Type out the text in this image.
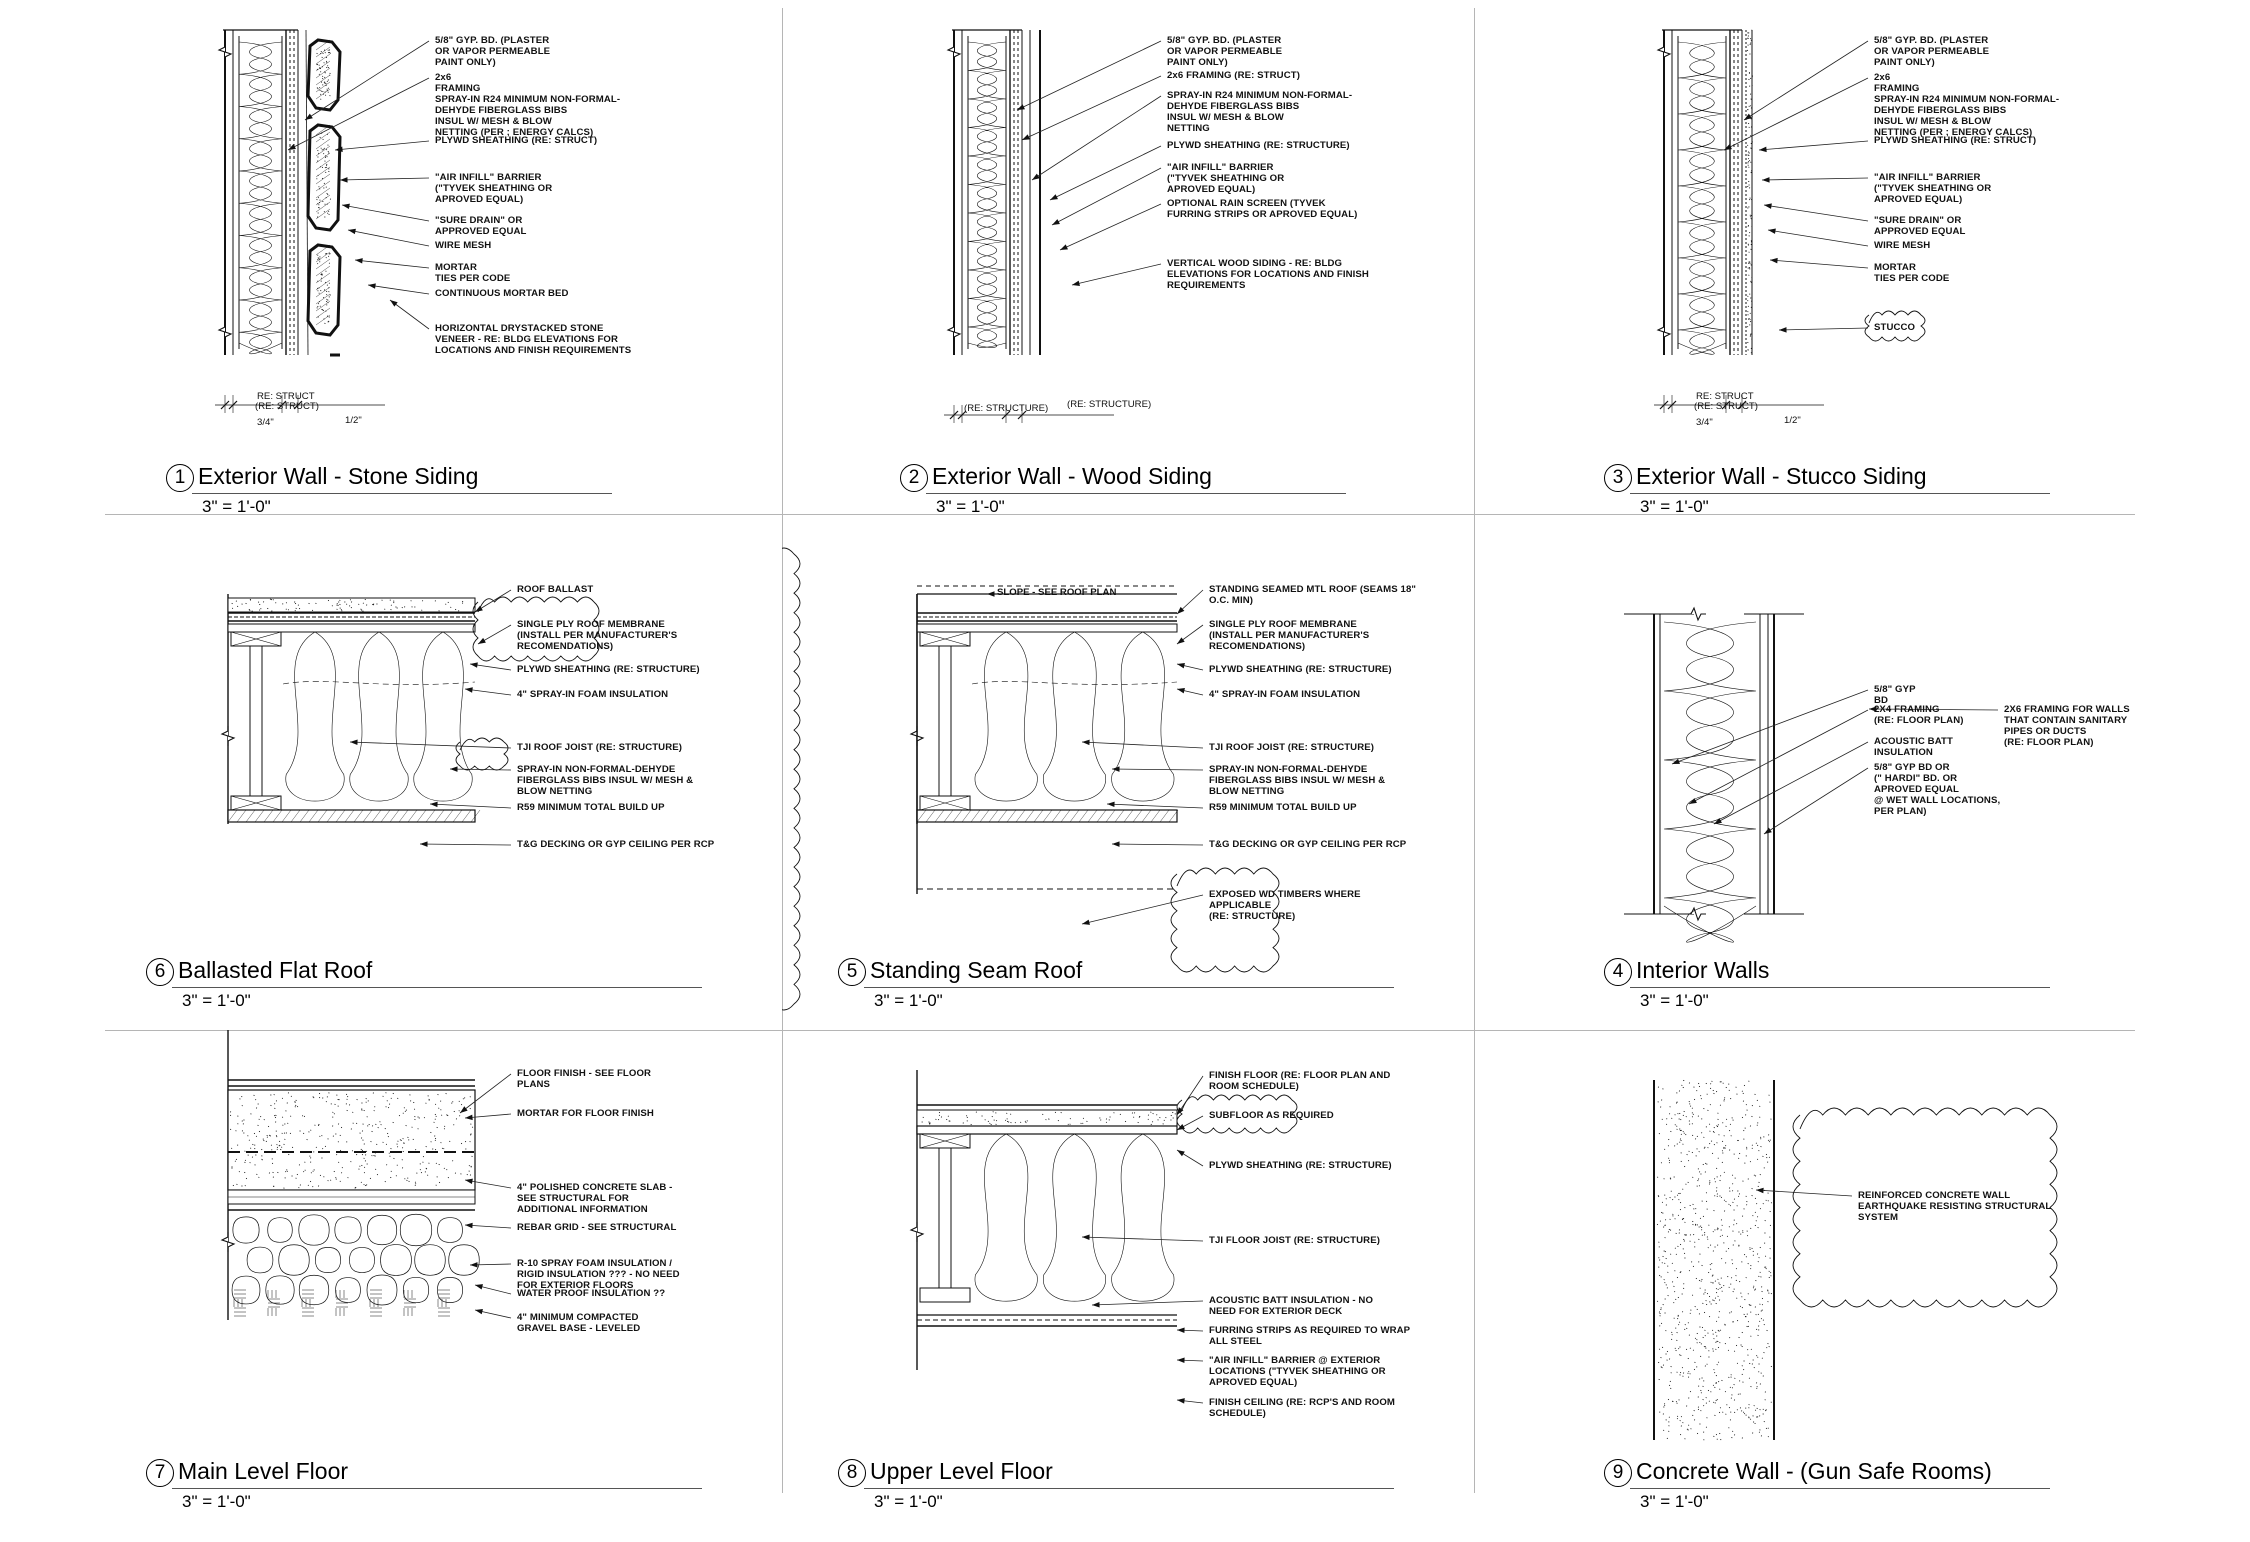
5/8" GYP. BD. (PLASTER
OR VAPOR PERMEABLE
PAINT ONLY)
2x6
FRAMING
SPRAY-IN R24 MINIMUM NON-FORMAL-
DEHYDE FIBERGLASS BIBS
INSUL W/ MESH & BLOW
NETTING (PER ; ENERGY CALCS)
PLYWD SHEATHING (RE: STRUCT)
"AIR INFILL" BARRIER
("TYVEK SHEATHING OR
APROVED EQUAL)
"SURE DRAIN" OR
APPROVED EQUAL
WIRE MESH
MORTAR
TIES PER CODE
CONTINUOUS MORTAR BED
HORIZONTAL DRYSTACKED STONE
VENEER - RE: BLDG ELEVATIONS FOR
LOCATIONS AND FINISH REQUIREMENTS
RE: STRUCT
(RE: STRUCT)
3/4"	1/2"
1 Exterior Wall - Stone Siding
3" = 1'-0"
5/8" GYP. BD. (PLASTER
OR VAPOR PERMEABLE
PAINT ONLY)
2x6 FRAMING (RE: STRUCT)
SPRAY-IN R24 MINIMUM NON-FORMAL-
DEHYDE FIBERGLASS BIBS
INSUL W/ MESH & BLOW
NETTING
PLYWD SHEATHING (RE: STRUCTURE)
"AIR INFILL" BARRIER
("TYVEK SHEATHING OR
APROVED EQUAL)
OPTIONAL RAIN SCREEN (TYVEK
FURRING STRIPS OR APROVED EQUAL)
VERTICAL WOOD SIDING - RE: BLDG
ELEVATIONS FOR LOCATIONS AND FINISH
REQUIREMENTS
(RE: STRUCTURE) (RE: STRUCTURE)
2 Exterior Wall - Wood Siding
3" = 1'-0"
5/8" GYP. BD. (PLASTER
OR VAPOR PERMEABLE
PAINT ONLY)
2x6
FRAMING
SPRAY-IN R24 MINIMUM NON-FORMAL-
DEHYDE FIBERGLASS BIBS
INSUL W/ MESH & BLOW
NETTING (PER ; ENERGY CALCS)
PLYWD SHEATHING (RE: STRUCT)
"AIR INFILL" BARRIER
("TYVEK SHEATHING OR
APROVED EQUAL)
"SURE DRAIN" OR
APPROVED EQUAL
WIRE MESH
MORTAR
TIES PER CODE
STUCCO
RE: STRUCT
(RE: STRUCT)
3/4"	1/2"
3 Exterior Wall - Stucco Siding
3" = 1'-0"
ROOF BALLAST
SINGLE PLY ROOF MEMBRANE
(INSTALL PER MANUFACTURER'S
RECOMENDATIONS)
PLYWD SHEATHING (RE: STRUCTURE)
4" SPRAY-IN FOAM INSULATION
TJI ROOF JOIST (RE: STRUCTURE)
SPRAY-IN NON-FORMAL-DEHYDE
FIBERGLASS BIBS INSUL W/ MESH &
BLOW NETTING
R59 MINIMUM TOTAL BUILD UP
T&G DECKING OR GYP CEILING PER RCP
6 Ballasted Flat Roof
3" = 1'-0"
STANDING SEAMED MTL ROOF (SEAMS 18"
O.C. MIN)
SINGLE PLY ROOF MEMBRANE
(INSTALL PER MANUFACTURER'S
RECOMENDATIONS)
PLYWD SHEATHING (RE: STRUCTURE)
4" SPRAY-IN FOAM INSULATION
TJI ROOF JOIST (RE: STRUCTURE)
SPRAY-IN NON-FORMAL-DEHYDE
FIBERGLASS BIBS INSUL W/ MESH &
BLOW NETTING
R59 MINIMUM TOTAL BUILD UP
T&G DECKING OR GYP CEILING PER RCP
EXPOSED WD TIMBERS WHERE
APPLICABLE
(RE: STRUCTURE)
SLOPE - SEE ROOF PLAN
5 Standing Seam Roof
3" = 1'-0"
5/8" GYP
BD
2X4 FRAMING
(RE: FLOOR PLAN)
ACOUSTIC BATT
INSULATION
5/8" GYP BD OR
(" HARDI" BD. OR
APROVED EQUAL
@ WET WALL LOCATIONS,
PER PLAN)
2X6 FRAMING FOR WALLS
THAT CONTAIN SANITARY
PIPES OR DUCTS
(RE: FLOOR PLAN)
4 Interior Walls
3" = 1'-0"
FLOOR FINISH - SEE FLOOR
PLANS
MORTAR FOR FLOOR FINISH
4" POLISHED CONCRETE SLAB -
SEE STRUCTURAL FOR
ADDITIONAL INFORMATION
REBAR GRID - SEE STRUCTURAL
R-10 SPRAY FOAM INSULATION /
RIGID INSULATION ??? - NO NEED
FOR EXTERIOR FLOORS
WATER PROOF INSULATION ??
4" MINIMUM COMPACTED
GRAVEL BASE - LEVELED
7 Main Level Floor
3" = 1'-0"
FINISH FLOOR (RE: FLOOR PLAN AND
ROOM SCHEDULE)
SUBFLOOR AS REQUIRED
PLYWD SHEATHING (RE: STRUCTURE)
TJI FLOOR JOIST (RE: STRUCTURE)
ACOUSTIC BATT INSULATION - NO
NEED FOR EXTERIOR DECK
FURRING STRIPS AS REQUIRED TO WRAP
ALL STEEL
"AIR INFILL" BARRIER @ EXTERIOR
LOCATIONS ("TYVEK SHEATHING OR
APROVED EQUAL)
FINISH CEILING (RE: RCP'S AND ROOM
SCHEDULE)
8 Upper Level Floor
3" = 1'-0"
REINFORCED CONCRETE WALL
EARTHQUAKE RESISTING STRUCTURAL
SYSTEM
9 Concrete Wall - (Gun Safe Rooms)
3" = 1'-0"
